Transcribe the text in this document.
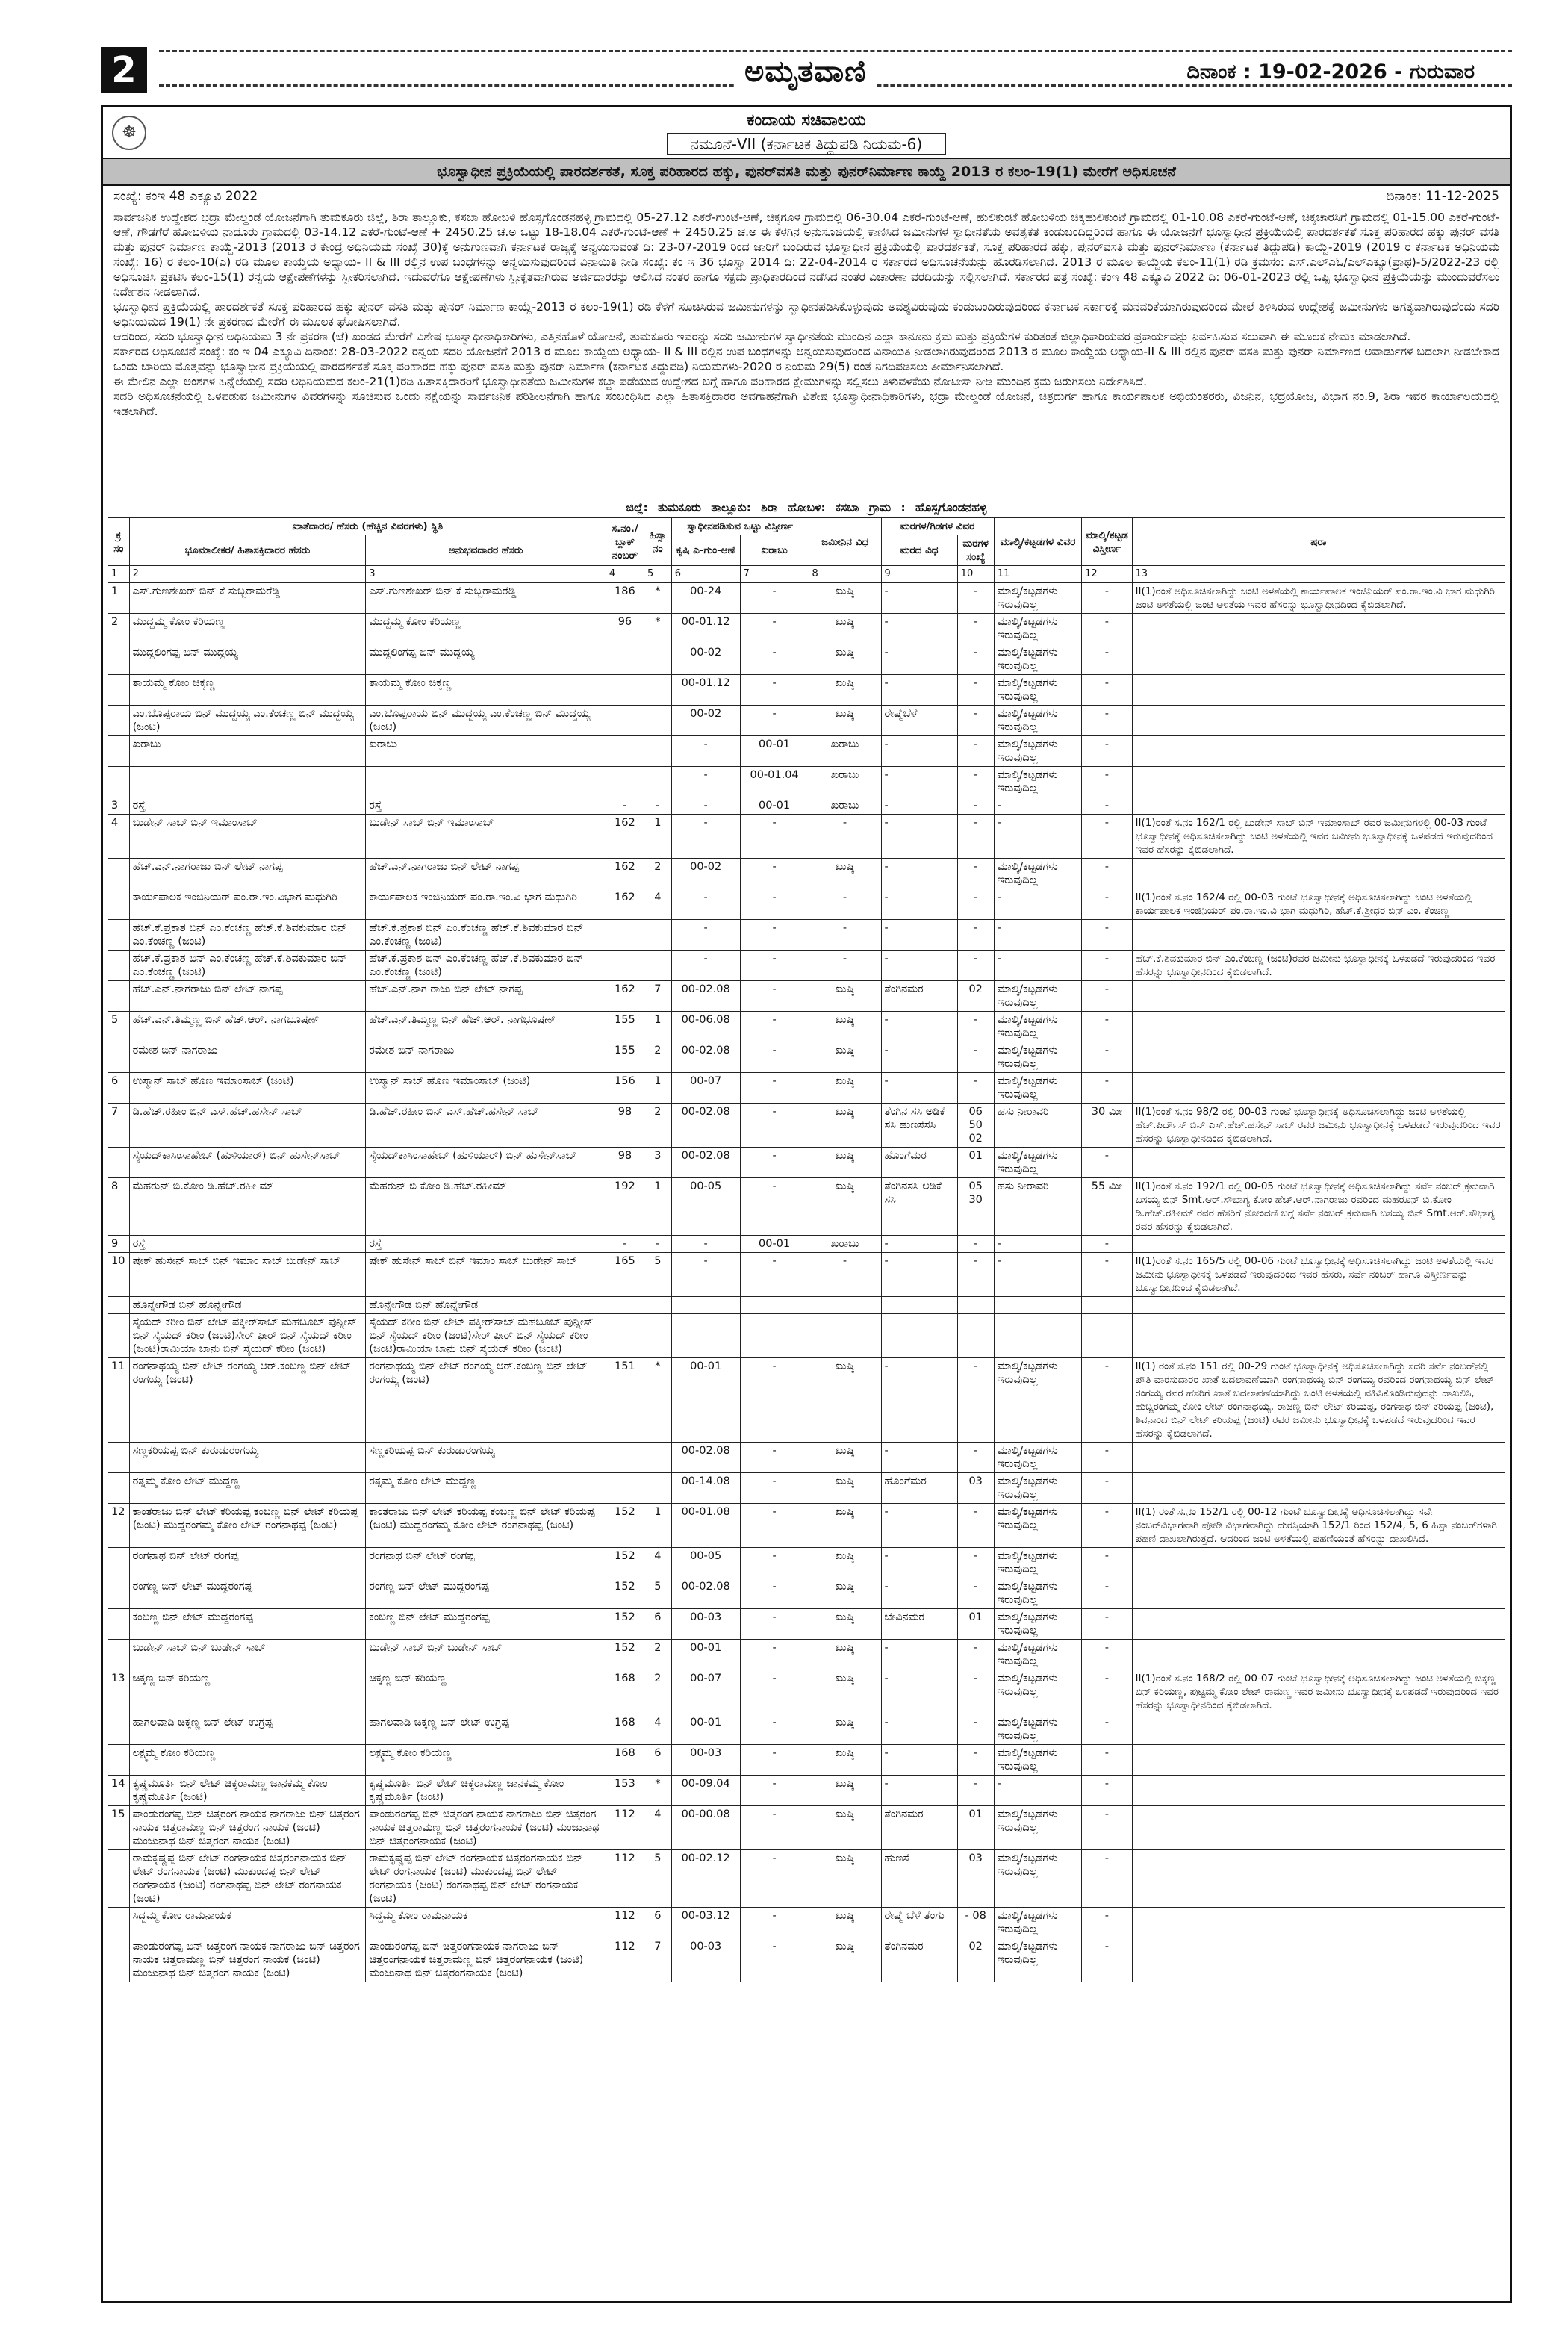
2	ಅಮೃತವಾಣಿ	ದಿನಾಂಕ : 19-02-2026 - ಗುರುವಾರ
☸
ಕಂದಾಯ ಸಚಿವಾಲಯ
ನಮೂನೆ-VII (ಕರ್ನಾಟಕ ತಿದ್ದುಪಡಿ ನಿಯಮ-6)
ಭೂಸ್ವಾಧೀನ ಪ್ರಕ್ರಿಯೆಯಲ್ಲಿ ಪಾರದರ್ಶಕತೆ, ಸೂಕ್ತ ಪರಿಹಾರದ ಹಕ್ಕು, ಪುನರ್‌ವಸತಿ ಮತ್ತು ಪುನರ್‌ನಿರ್ಮಾಣ ಕಾಯ್ದೆ 2013 ರ ಕಲಂ-19(1) ಮೇರೆಗೆ ಅಧಿಸೂಚನೆ
ಸಂಖ್ಯೆ: ಕಂಇ 48 ಎಕ್ಯೂವಿ 2022	ದಿನಾಂಕ: 11-12-2025

ಸಾರ್ವಜನಿಕ ಉದ್ದೇಶದ ಭದ್ರಾ ಮೇಲ್ದಂಡೆ ಯೋಜನೆಗಾಗಿ ತುಮಕೂರು ಜಿಲ್ಲೆ, ಶಿರಾ ತಾಲ್ಲೂಕು, ಕಸಬಾ ಹೋಬಳಿ ಹೊಸ್ಸಗೊಂಡನಹಳ್ಳಿ ಗ್ರಾಮದಲ್ಲಿ 05-27.12 ಎಕರೆ-ಗುಂಟೆ-ಆಣೆ, ಚಿಕ್ಕಗೂಳ ಗ್ರಾಮದಲ್ಲಿ 06-30.04 ಎಕರೆ-ಗುಂಟೆ-ಆಣೆ, ಹುಲಿಕುಂಟೆ ಹೋಬಳಿಯ ಚಿಕ್ಕಹುಲಿಕುಂಟೆ ಗ್ರಾಮದಲ್ಲಿ 01-10.08 ಎಕರೆ-ಗುಂಟೆ-ಆಣೆ, ಚಿಕ್ಕಚಾರಸಿಗೆ ಗ್ರಾಮದಲ್ಲಿ 01-15.00 ಎಕರೆ-ಗುಂಟೆ-ಆಣೆ, ಗೌಡಗೆರೆ ಹೋಬಳಿಯ ನಾದೂರು ಗ್ರಾಮದಲ್ಲಿ 03-14.12 ಎಕರೆ-ಗುಂಟೆ-ಆಣೆ + 2450.25 ಚ.ಅ ಒಟ್ಟು 18-18.04 ಎಕರೆ-ಗುಂಟೆ-ಆಣೆ + 2450.25 ಚ.ಅ ಈ ಕೆಳಗಿನ ಅನುಸೂಚಿಯಲ್ಲಿ ಕಾಣಿಸಿದ ಜಮೀನುಗಳ ಸ್ವಾಧೀನತೆಯ ಅವಶ್ಯಕತೆ ಕಂಡುಬಂದಿದ್ದರಿಂದ ಹಾಗೂ ಈ ಯೋಜನೆಗೆ ಭೂಸ್ವಾಧೀನ ಪ್ರಕ್ರಿಯೆಯಲ್ಲಿ ಪಾರದರ್ಶಕತೆ ಸೂಕ್ತ ಪರಿಹಾರದ ಹಕ್ಕು ಪುನರ್ ವಸತಿ ಮತ್ತು ಪುನರ್ ನಿರ್ಮಾಣ ಕಾಯ್ದೆ-2013 (2013 ರ ಕೇಂದ್ರ ಅಧಿನಿಯಮ ಸಂಖ್ಯೆ 30)ಕ್ಕೆ ಅನುಗುಣವಾಗಿ ಕರ್ನಾಟಕ ರಾಜ್ಯಕ್ಕೆ ಅನ್ವಯಿಸುವಂತೆ ದಿ: 23-07-2019 ರಿಂದ ಜಾರಿಗೆ ಬಂದಿರುವ ಭೂಸ್ವಾಧೀನ ಪ್ರಕ್ರಿಯೆಯಲ್ಲಿ ಪಾರದರ್ಶಕತೆ, ಸೂಕ್ತ ಪರಿಹಾರದ ಹಕ್ಕು, ಪುನರ್‌ವಸತಿ ಮತ್ತು ಪುನರ್‌ನಿರ್ಮಾಣ (ಕರ್ನಾಟಕ ತಿದ್ದುಪಡಿ) ಕಾಯ್ದೆ-2019 (2019 ರ ಕರ್ನಾಟಕ ಅಧಿನಿಯಮ ಸಂಖ್ಯೆ: 16) ರ ಕಲಂ-10(ಎ) ರಡಿ ಮೂಲ ಕಾಯ್ದೆಯ ಅಧ್ಯಾಯ- II & III ರಲ್ಲಿನ ಉಪ ಬಂಧಗಳನ್ನು ಅನ್ವಯಿಸುವುದರಿಂದ ವಿನಾಯಿತಿ ನೀಡಿ ಸಂಖ್ಯೆ: ಕಂ ಇ 36 ಭೂಸ್ವಾ 2014 ದಿ: 22-04-2014 ರ ಸರ್ಕಾರದ ಅಧಿಸೂಚನೆಯನ್ನು ಹೊರಡಿಸಲಾಗಿದೆ. 2013 ರ ಮೂಲ ಕಾಯ್ದೆಯ ಕಲಂ-11(1) ರಡಿ ಕ್ರಮಸಂ: ಎಸ್.ಎಲ್ಎಓ/ಎಲ್ಎಕ್ಯೂ(ಪ್ರಾಥ)-5/2022-23 ರಲ್ಲಿ ಅಧಿಸೂಚಿಸಿ ಪ್ರಕಟಿಸಿ ಕಲಂ-15(1) ರನ್ವಯ ಆಕ್ಷೇಪಣೆಗಳನ್ನು ಸ್ವೀಕರಿಸಲಾಗಿದೆ. ಇದುವರೆಗೂ ಆಕ್ಷೇಪಣೆಗಳು ಸ್ವೀಕೃತವಾಗಿರುವ ಅರ್ಜಿದಾರರನ್ನು ಆಲಿಸಿದ ನಂತರ ಹಾಗೂ ಸಕ್ಷಮ ಪ್ರಾಧಿಕಾರದಿಂದ ನಡೆಸಿದ ನಂತರ ವಿಚಾರಣಾ ವರದಿಯನ್ನು ಸಲ್ಲಿಸಲಾಗಿದೆ. ಸರ್ಕಾರದ ಪತ್ರ ಸಂಖ್ಯೆ: ಕಂಇ 48 ಎಕ್ಯೂವಿ 2022 ದಿ: 06-01-2023 ರಲ್ಲಿ ಒಪ್ಪಿ ಭೂಸ್ವಾಧೀನ ಪ್ರಕ್ರಿಯೆಯನ್ನು ಮುಂದುವರೆಸಲು ನಿರ್ದೇಶನ ನೀಡಲಾಗಿದೆ.

ಭೂಸ್ವಾಧೀನ ಪ್ರಕ್ರಿಯೆಯಲ್ಲಿ ಪಾರದರ್ಶಕತೆ ಸೂಕ್ತ ಪರಿಹಾರದ ಹಕ್ಕು ಪುನರ್ ವಸತಿ ಮತ್ತು ಪುನರ್ ನಿರ್ಮಾಣ ಕಾಯ್ದೆ-2013 ರ ಕಲಂ-19(1) ರಡಿ ಕೆಳಗೆ ಸೂಚಿಸಿರುವ ಜಮೀನುಗಳನ್ನು ಸ್ವಾಧೀನಪಡಿಸಿಕೊಳ್ಳುವುದು ಅವಶ್ಯವಿರುವುದು ಕಂಡುಬಂದಿರುವುದರಿಂದ ಕರ್ನಾಟಕ ಸರ್ಕಾರಕ್ಕೆ ಮನವರಿಕೆಯಾಗಿರುವುದರಿಂದ ಮೇಲೆ ತಿಳಿಸಿರುವ ಉದ್ದೇಶಕ್ಕೆ ಜಮೀನುಗಳು ಅಗತ್ಯವಾಗಿರುವುದೆಂದು ಸದರಿ ಅಧಿನಿಯಮದ 19(1) ನೇ ಪ್ರಕರಣದ ಮೇರೆಗೆ ಈ ಮೂಲಕ ಘೋಷಿಸಲಾಗಿದೆ.

ಆದರಿಂದ, ಸದರಿ ಭೂಸ್ವಾಧೀನ ಅಧಿನಿಯಮ 3 ನೇ ಪ್ರಕರಣ (ಜೆ) ಖಂಡದ ಮೇರೆಗೆ ವಿಶೇಷ ಭೂಸ್ವಾಧೀನಾಧಿಕಾರಿಗಳು, ಎತ್ತಿನಹೊಳೆ ಯೋಜನೆ, ತುಮಕೂರು ಇವರನ್ನು ಸದರಿ ಜಮೀನುಗಳ ಸ್ವಾಧೀನತೆಯ ಮುಂದಿನ ಎಲ್ಲಾ ಕಾನೂನು ಕ್ರಮ ಮತ್ತು ಪ್ರಕ್ರಿಯೆಗಳ ಕುರಿತಂತೆ ಜಿಲ್ಲಾಧಿಕಾರಿಯವರ ಪ್ರಕಾರ್ಯವನ್ನು ನಿರ್ವಹಿಸುವ ಸಲುವಾಗಿ ಈ ಮೂಲಕ ನೇಮಕ ಮಾಡಲಾಗಿದೆ.

ಸರ್ಕಾರದ ಅಧಿಸೂಚನೆ ಸಂಖ್ಯೆ: ಕಂ ಇ 04 ಎಕ್ಯೂವಿ ದಿನಾಂಕ: 28-03-2022 ರನ್ವಯ ಸದರಿ ಯೋಜನೆಗೆ 2013 ರ ಮೂಲ ಕಾಯ್ದೆಯ ಅಧ್ಯಾಯ- II & III ರಲ್ಲಿನ ಉಪ ಬಂಧಗಳನ್ನು ಅನ್ವಯಿಸುವುದರಿಂದ ವಿನಾಯಿತಿ ನೀಡಲಾಗಿರುವುದರಿಂದ 2013 ರ ಮೂಲ ಕಾಯ್ದೆಯ ಅಧ್ಯಾಯ-II & III ರಲ್ಲಿನ ಪುನರ್ ವಸತಿ ಮತ್ತು ಪುನರ್ ನಿರ್ಮಾಣದ ಅವಾರ್ಡುಗಳ ಬದಲಾಗಿ ನೀಡಬೇಕಾದ ಒಂದು ಬಾರಿಯ ಮೊತ್ತವನ್ನು ಭೂಸ್ವಾಧೀನ ಪ್ರಕ್ರಿಯೆಯಲ್ಲಿ ಪಾರದರ್ಶಕತೆ ಸೂಕ್ತ ಪರಿಹಾರದ ಹಕ್ಕು ಪುನರ್ ವಸತಿ ಮತ್ತು ಪುನರ್ ನಿರ್ಮಾಣ (ಕರ್ನಾಟಕ ತಿದ್ದುಪಡಿ) ನಿಯಮಗಳು-2020 ರ ನಿಯಮ 29(5) ರಂತೆ ನಿಗದಿಪಡಿಸಲು ತೀರ್ಮಾನಿಸಲಾಗಿದೆ.

ಈ ಮೇಲಿನ ಎಲ್ಲಾ ಅಂಶಗಳ ಹಿನ್ನೆಲೆಯಲ್ಲಿ ಸದರಿ ಅಧಿನಿಯಮದ ಕಲಂ-21(1)ರಡಿ ಹಿತಾಸಕ್ತಿದಾರರಿಗೆ ಭೂಸ್ವಾಧೀನತೆಯ ಜಮೀನುಗಳ ಕಬ್ಜಾ ಪಡೆಯುವ ಉದ್ದೇಶದ ಬಗ್ಗೆ ಹಾಗೂ ಪರಿಹಾರದ ಕ್ಲೇಮುಗಳನ್ನು ಸಲ್ಲಿಸಲು ತಿಳುವಳಿಕೆಯ ನೋಟೀಸ್ ನೀಡಿ ಮುಂದಿನ ಕ್ರಮ ಜರುಗಿಸಲು ನಿರ್ದೇಶಿಸಿದೆ.

ಸದರಿ ಅಧಿಸೂಚನೆಯಲ್ಲಿ ಒಳಪಡುವ ಜಮೀನುಗಳ ವಿವರಗಳನ್ನು ಸೂಚಿಸುವ ಒಂದು ನಕ್ಷೆಯನ್ನು ಸಾರ್ವಜನಿಕ ಪರಿಶೀಲನೆಗಾಗಿ ಹಾಗೂ ಸಂಬಂಧಿಸಿದ ಎಲ್ಲಾ ಹಿತಾಸಕ್ತಿದಾರರ ಅವಗಾಹನೆಗಾಗಿ ವಿಶೇಷ ಭೂಸ್ವಾಧೀನಾಧಿಕಾರಿಗಳು, ಭದ್ರಾ ಮೇಲ್ದಂಡೆ ಯೋಜನೆ, ಚಿತ್ರದುರ್ಗ ಹಾಗೂ ಕಾರ್ಯಪಾಲಕ ಅಭಿಯಂತರರು, ವಿಜನಿನ, ಭದ್ರಯೋಜ, ವಿಭಾಗ ನಂ.9, ಶಿರಾ ಇವರ ಕಾರ್ಯಾಲಯದಲ್ಲಿ ಇಡಲಾಗಿದೆ.

ಜಿಲ್ಲೆ: ತುಮಕೂರು ತಾಲ್ಲೂಕು: ಶಿರಾ ಹೋಬಳಿ: ಕಸಬಾ ಗ್ರಾಮ : ಹೊಸ್ಸಗೊಂಡನಹಳ್ಳಿ
ಕ್ರ ಸಂ	ಖಾತೆದಾರರ/ ಹೆಸರು (ಹೆಚ್ಚಿನ ವಿವರಗಳು) ಸ್ಥಿತಿ		ಸ.ನಂ./ ಬ್ಲಾಕ್ ನಂಬರ್	ಹಿಸ್ಸಾ ನಂ	ಸ್ವಾಧೀನಪಡಿಸುವ ಒಟ್ಟು ವಿಸ್ತೀರ್ಣ		ಜಮೀನಿನ ವಿಧ	ಮರಗಳ/ಗಿಡಗಳ ವಿವರ		ಮಾಲ್ಕಿ/ಕಟ್ಟಡಗಳ ವಿವರ	ಮಾಲ್ಕಿ/ಕಟ್ಟಡ ವಿಸ್ತೀರ್ಣ	ಷರಾ
	ಭೂಮಾಲೀಕರ/ ಹಿತಾಸಕ್ತಿದಾರರ ಹೆಸರು	ಅನುಭವದಾರರ ಹೆಸರು			ಕೃಷಿ ಎ-ಗುಂ-ಆಣೆ	ಖರಾಬು		ಮರದ ವಿಧ	ಮರಗಳ ಸಂಖ್ಯೆ			
1	2	3	4	5	6	7	8	9	10	11	12	13
1	ಎಸ್.ಗುಣಶೇಖರ್ ಬಿನ್ ಕೆ ಸುಬ್ಬರಾಮರೆಡ್ಡಿ	ಎಸ್.ಗುಣಶೇಖರ್ ಬಿನ್ ಕೆ ಸುಬ್ಬರಾಮರೆಡ್ಡಿ	186	*	00-24	-	ಖುಷ್ಕಿ	-	-	ಮಾಲ್ಕಿ/ಕಟ್ಟಡಗಳು ಇರುವುದಿಲ್ಲ	-	II(1)ರಂತೆ ಅಧಿಸೂಚಿಸಲಾಗಿದ್ದು ಜಂಟಿ ಅಳತೆಯಲ್ಲಿ ಕಾರ್ಯಪಾಲಕ ಇಂಜಿನಿಯರ್ ಪಂ.ರಾ.ಇಂ.ವಿ ಭಾಗ ಮಧುಗಿರಿ ಜಂಟಿ ಅಳತೆಯಲ್ಲಿ ಜಂಟಿ ಅಳತೆಯ ಇವರ ಹೆಸರನ್ನು ಭೂಸ್ವಾಧೀನದಿಂದ ಕೈಬಿಡಲಾಗಿದೆ.
2	ಮುದ್ದಮ್ಮ ಕೋಂ ಕರಿಯಣ್ಣ	ಮುದ್ದಮ್ಮ ಕೋಂ ಕರಿಯಣ್ಣ	96	*	00-01.12	-	ಖುಷ್ಕಿ	-	-	ಮಾಲ್ಕಿ/ಕಟ್ಟಡಗಳು ಇರುವುದಿಲ್ಲ	-	
	ಮುದ್ದಲಿಂಗಪ್ಪ ಬಿನ್ ಮುದ್ದಯ್ಯ	ಮುದ್ದಲಿಂಗಪ್ಪ ಬಿನ್ ಮುದ್ದಯ್ಯ			00-02	-	ಖುಷ್ಕಿ	-	-	ಮಾಲ್ಕಿ/ಕಟ್ಟಡಗಳು ಇರುವುದಿಲ್ಲ	-	
	ತಾಯಮ್ಮ ಕೋಂ ಚಿಕ್ಕಣ್ಣ	ತಾಯಮ್ಮ ಕೋಂ ಚಿಕ್ಕಣ್ಣ			00-01.12	-	ಖುಷ್ಕಿ	-	-	ಮಾಲ್ಕಿ/ಕಟ್ಟಡಗಳು ಇರುವುದಿಲ್ಲ	-	
	ಎಂ.ಬೊಪ್ಪರಾಯ ಬಿನ್ ಮುದ್ದಯ್ಯ ಎಂ.ಕೆಂಚಣ್ಣ ಬಿನ್ ಮುದ್ದಯ್ಯ (ಜಂಟಿ)	ಎಂ.ಬೊಪ್ಪರಾಯ ಬಿನ್ ಮುದ್ದಯ್ಯ ಎಂ.ಕೆಂಚಣ್ಣ ಬಿನ್ ಮುದ್ದಯ್ಯ (ಜಂಟಿ)			00-02	-	ಖುಷ್ಕಿ	ರೇಷ್ಮೆಬೆಳೆ	-	ಮಾಲ್ಕಿ/ಕಟ್ಟಡಗಳು ಇರುವುದಿಲ್ಲ	-	
	ಖರಾಬು	ಖರಾಬು			-	00-01	ಖರಾಬು	-	-	ಮಾಲ್ಕಿ/ಕಟ್ಟಡಗಳು ಇರುವುದಿಲ್ಲ	-	
					-	00-01.04	ಖರಾಬು	-	-	ಮಾಲ್ಕಿ/ಕಟ್ಟಡಗಳು ಇರುವುದಿಲ್ಲ	-	
3	ರಸ್ತೆ	ರಸ್ತೆ	-	-	-	00-01	ಖರಾಬು	-	-	-	-	
4	ಬುಡೇನ್ ಸಾಬ್ ಬಿನ್ ಇಮಾಂಸಾಬ್	ಬುಡೇನ್ ಸಾಬ್ ಬಿನ್ ಇಮಾಂಸಾಬ್	162	1	-	-	-	-	-	-	-	II(1)ರಂತೆ ಸ.ನಂ 162/1 ರಲ್ಲಿ ಬುಡೇನ್ ಸಾಬ್ ಬಿನ್ ಇಮಾಂಸಾಬ್ ರವರ ಜಮೀನುಗಳಲ್ಲಿ 00-03 ಗುಂಟೆ ಭೂಸ್ವಾಧೀನಕ್ಕೆ ಅಧಿಸೂಚಿಸಲಾಗಿದ್ದು ಜಂಟಿ ಅಳತೆಯಲ್ಲಿ ಇವರ ಜಮೀನು ಭೂಸ್ವಾಧೀನಕ್ಕೆ ಒಳಪಡದೆ ಇರುವುದರಿಂದ ಇವರ ಹೆಸರನ್ನು ಕೈಬಿಡಲಾಗಿದೆ.
	ಹೆಚ್.ಎನ್.ನಾಗರಾಜು ಬಿನ್ ಲೇಟ್ ನಾಗಪ್ಪ	ಹೆಚ್.ಎನ್.ನಾಗರಾಜು ಬಿನ್ ಲೇಟ್ ನಾಗಪ್ಪ	162	2	00-02	-	ಖುಷ್ಕಿ	-	-	ಮಾಲ್ಕಿ/ಕಟ್ಟಡಗಳು ಇರುವುದಿಲ್ಲ	-	
	ಕಾರ್ಯಪಾಲಕ ಇಂಜಿನಿಯರ್ ಪಂ.ರಾ.ಇಂ.ವಿಭಾಗ ಮಧುಗಿರಿ	ಕಾರ್ಯಪಾಲಕ ಇಂಜಿನಿಯರ್ ಪಂ.ರಾ.ಇಂ.ವಿ ಭಾಗ ಮಧುಗಿರಿ	162	4	-	-	-	-	-	-	-	II(1)ರಂತೆ ಸ.ನಂ 162/4 ರಲ್ಲಿ 00-03 ಗುಂಟೆ ಭೂಸ್ವಾಧೀನಕ್ಕೆ ಅಧಿಸೂಚಿಸಲಾಗಿದ್ದು ಜಂಟಿ ಅಳತೆಯಲ್ಲಿ ಕಾರ್ಯಪಾಲಕ ಇಂಜಿನಿಯರ್ ಪಂ.ರಾ.ಇಂ.ವಿ ಭಾಗ ಮಧುಗಿರಿ, ಹೆಚ್.ಕೆ.ಶ್ರೀಧರ ಬಿನ್ ಎಂ. ಕೆಂಚಣ್ಣ
	ಹೆಚ್.ಕೆ.ಪ್ರಕಾಶ ಬಿನ್ ಎಂ.ಕೆಂಚಣ್ಣ ಹೆಚ್.ಕೆ.ಶಿವಕುಮಾರ ಬಿನ್ ಎಂ.ಕೆಂಚಣ್ಣ (ಜಂಟಿ)	ಹೆಚ್.ಕೆ.ಪ್ರಕಾಶ ಬಿನ್ ಎಂ.ಕೆಂಚಣ್ಣ ಹೆಚ್.ಕೆ.ಶಿವಕುಮಾರ ಬಿನ್ ಎಂ.ಕೆಂಚಣ್ಣ (ಜಂಟಿ)			-	-	-	-	-	-	-	
	ಹೆಚ್.ಕೆ.ಪ್ರಕಾಶ ಬಿನ್ ಎಂ.ಕೆಂಚಣ್ಣ ಹೆಚ್.ಕೆ.ಶಿವಕುಮಾರ ಬಿನ್ ಎಂ.ಕೆಂಚಣ್ಣ (ಜಂಟಿ)	ಹೆಚ್.ಕೆ.ಪ್ರಕಾಶ ಬಿನ್ ಎಂ.ಕೆಂಚಣ್ಣ ಹೆಚ್.ಕೆ.ಶಿವಕುಮಾರ ಬಿನ್ ಎಂ.ಕೆಂಚಣ್ಣ (ಜಂಟಿ)			-	-	-	-	-	-	-	ಹೆಚ್.ಕೆ.ಶಿವಕುಮಾರ ಬಿನ್ ಎಂ.ಕೆಂಚಣ್ಣ (ಜಂಟಿ)ರವರ ಜಮೀನು ಭೂಸ್ವಾಧೀನಕ್ಕೆ ಒಳಪಡದೆ ಇರುವುದರಿಂದ ಇವರ ಹೆಸರನ್ನು ಭೂಸ್ವಾಧೀನದಿಂದ ಕೈಬಿಡಲಾಗಿದೆ.
	ಹೆಚ್.ಎನ್.ನಾಗರಾಜು ಬಿನ್ ಲೇಟ್ ನಾಗಪ್ಪ	ಹೆಚ್.ಎನ್.ನಾಗ ರಾಜು ಬಿನ್ ಲೇಟ್ ನಾಗಪ್ಪ	162	7	00-02.08	-	ಖುಷ್ಕಿ	ತೆಂಗಿನಮರ	02	ಮಾಲ್ಕಿ/ಕಟ್ಟಡಗಳು ಇರುವುದಿಲ್ಲ	-	
5	ಹೆಚ್.ಎನ್.ತಿಮ್ಮಣ್ಣ ಬಿನ್ ಹೆಚ್.ಆರ್. ನಾಗಭೂಷಣ್	ಹೆಚ್.ಎನ್.ತಿಮ್ಮಣ್ಣ ಬಿನ್ ಹೆಚ್.ಆರ್. ನಾಗಭೂಷಣ್	155	1	00-06.08	-	ಖುಷ್ಕಿ	-	-	ಮಾಲ್ಕಿ/ಕಟ್ಟಡಗಳು ಇರುವುದಿಲ್ಲ	-	
	ರಮೇಶ ಬಿನ್ ನಾಗರಾಜು	ರಮೇಶ ಬಿನ್ ನಾಗರಾಜು	155	2	00-02.08	-	ಖುಷ್ಕಿ	-	-	ಮಾಲ್ಕಿ/ಕಟ್ಟಡಗಳು ಇರುವುದಿಲ್ಲ	-	
6	ಉಸ್ಮಾನ್ ಸಾಬ್ ಹೊಣ ಇಮಾಂಸಾಬ್ (ಜಂಟಿ)	ಉಸ್ಮಾನ್ ಸಾಬ್ ಹೊಣ ಇಮಾಂಸಾಬ್ (ಜಂಟಿ)	156	1	00-07	-	ಖುಷ್ಕಿ	-	-	ಮಾಲ್ಕಿ/ಕಟ್ಟಡಗಳು ಇರುವುದಿಲ್ಲ	-	
7	ಡಿ.ಹೆಚ್.ರಹೀಂ ಬಿನ್ ಎಸ್.ಹೆಚ್.ಹಸೇನ್ ಸಾಬ್	ಡಿ.ಹೆಚ್.ರಹೀಂ ಬಿನ್ ಎಸ್.ಹೆಚ್.ಹಸೇನ್ ಸಾಬ್	98	2	00-02.08	-	ಖುಷ್ಕಿ	ತೆಂಗಿನ ಸಸಿ ಅಡಿಕೆ ಸಸಿ ಹುಣಸೆಸಸಿ	06 50 02	ಹಸು ನೀರಾವರಿ	30 ಮೀ	II(1)ರಂತೆ ಸ.ನಂ 98/2 ರಲ್ಲಿ 00-03 ಗುಂಟೆ ಭೂಸ್ವಾಧೀನಕ್ಕೆ ಅಧಿಸೂಚಿಸಲಾಗಿದ್ದು ಜಂಟಿ ಅಳತೆಯಲ್ಲಿ ಹೆಚ್.ಪಿರ್ದೌಸ್ ಬಿನ್ ಎಸ್.ಹೆಚ್.ಹಸೇನ್ ಸಾಬ್ ರವರ ಜಮೀನು ಭೂಸ್ವಾಧೀನಕ್ಕೆ ಒಳಪಡದೆ ಇರುವುದರಿಂದ ಇವರ ಹೆಸರನ್ನು ಭೂಸ್ವಾಧೀನದಿಂದ ಕೈಬಿಡಲಾಗಿದೆ.
	ಸೈಯದ್‌ಕಾಸಿಂಸಾಹೇಬ್ (ಹುಳಿಯಾರ್) ಬಿನ್ ಹುಸೇನ್‌ಸಾಬ್	ಸೈಯದ್‌ಕಾಸಿಂಸಾಹೇಬ್ (ಹುಳಿಯಾರ್) ಬಿನ್ ಹುಸೇನ್‌ಸಾಬ್	98	3	00-02.08	-	ಖುಷ್ಕಿ	ಹೊಂಗೆಮರ	01	ಮಾಲ್ಕಿ/ಕಟ್ಟಡಗಳು ಇರುವುದಿಲ್ಲ	-	
8	ಮೆಹರುನ್ ಬಿ.ಕೋಂ ಡಿ.ಹೆಚ್.ರಹೀ ಮ್	ಮೆಹರುನ್ ಬಿ ಕೋಂ ಡಿ.ಹೆಚ್.ರಹೀಮ್	192	1	00-05	-	ಖುಷ್ಕಿ	ತೆಂಗಿನಸಸಿ ಅಡಿಕೆ ಸಸಿ	05 30	ಹಸು ನೀರಾವರಿ	55 ಮೀ	II(1)ರಂತೆ ಸ.ನಂ 192/1 ರಲ್ಲಿ 00-05 ಗುಂಟೆ ಭೂಸ್ವಾಧೀನಕ್ಕೆ ಅಧಿಸೂಚಿಸಲಾಗಿದ್ದು ಸರ್ವೆ ನಂಬರ್ ಕ್ರಮವಾಗಿ ಬಸಯ್ಯ ಬಿನ್ Smt.ಆರ್.ಸೌಭಾಗ್ಯ ಕೋಂ ಹೆಚ್.ಆರ್.ನಾಗರಾಜು ರವರಿಂದ ಮಹರೂನ್ ಬಿ.ಕೋಂ ಡಿ.ಹೆಚ್.ರಹೀಮ್ ರವರ ಹೆಸರಿಗೆ ನೋಂದಣಿ ಬಗ್ಗೆ ಸರ್ವೆ ನಂಬರ್ ಕ್ರಮವಾಗಿ ಬಸಯ್ಯ ಬಿನ್ Smt.ಆರ್.ಸೌಭಾಗ್ಯ ರವರ ಹೆಸರನ್ನು ಕೈಬಿಡಲಾಗಿದೆ.
9	ರಸ್ತೆ	ರಸ್ತೆ	-	-	-	00-01	ಖರಾಬು	-	-	-	-	
10	ಷೇಕ್ ಹುಸೇನ್ ಸಾಬ್ ಬಿನ್ ಇಮಾಂ ಸಾಬ್ ಬುಡೇನ್ ಸಾಬ್	ಷೇಕ್ ಹುಸೇನ್ ಸಾಬ್ ಬಿನ್ ಇಮಾಂ ಸಾಬ್ ಬುಡೇನ್ ಸಾಬ್	165	5	-	-	-	-	-	-	-	II(1)ರಂತೆ ಸ.ನಂ 165/5 ರಲ್ಲಿ 00-06 ಗುಂಟೆ ಭೂಸ್ವಾಧೀನಕ್ಕೆ ಅಧಿಸೂಚಿಸಲಾಗಿದ್ದು ಜಂಟಿ ಅಳತೆಯಲ್ಲಿ ಇವರ ಜಮೀನು ಭೂಸ್ವಾಧೀನಕ್ಕೆ ಒಳಪಡದೆ ಇರುವುದರಿಂದ ಇವರ ಹೆಸರು, ಸರ್ವೆ ನಂಬರ್ ಹಾಗೂ ವಿಸ್ತೀರ್ಣವನ್ನು ಭೂಸ್ವಾಧೀನದಿಂದ ಕೈಬಿಡಲಾಗಿದೆ.
	ಹೊನ್ನೇಗೌಡ ಬಿನ್ ಹೊನ್ನೇಗೌಡ	ಹೊನ್ನೇಗೌಡ ಬಿನ್ ಹೊನ್ನೇಗೌಡ										
	ಸೈಯದ್ ಕರೀಂ ಬಿನ್ ಲೇಟ್ ಪಕ್ಕೀರ್‌ಸಾಬ್ ಮಹಬೂಬ್ ಪುನ್ನೀಸ್ ಬಿನ್ ಸೈಯದ್ ಕರೀಂ (ಜಂಟಿ)ಸೇರ್ ಫೀರ್ ಬಿನ್ ಸೈಯದ್ ಕರೀಂ (ಜಂಟಿ)ರಾಮಿಯಾ ಬಾನು ಬಿನ್ ಸೈಯದ್ ಕರೀಂ (ಜಂಟಿ)	ಸೈಯದ್ ಕರೀಂ ಬಿನ್ ಲೇಟ್ ಪಕ್ಕೀರ್‌ಸಾಬ್ ಮಹಬೂಬ್ ಪುನ್ನೀಸ್ ಬಿನ್ ಸೈಯದ್ ಕರೀಂ (ಜಂಟಿ)ಸೇರ್ ಫೀರ್ ಬಿನ್ ಸೈಯದ್ ಕರೀಂ (ಜಂಟಿ)ರಾಮಿಯಾ ಬಾನು ಬಿನ್ ಸೈಯದ್ ಕರೀಂ (ಜಂಟಿ)										
11	ರಂಗನಾಥಯ್ಯ ಬಿನ್ ಲೇಟ್ ರಂಗಯ್ಯ ಆರ್.ಕಂಬಣ್ಣ ಬಿನ್ ಲೇಟ್ ರಂಗಯ್ಯ (ಜಂಟಿ)	ರಂಗನಾಥಯ್ಯ ಬಿನ್ ಲೇಟ್ ರಂಗಯ್ಯ ಆರ್.ಕಂಬಣ್ಣ ಬಿನ್ ಲೇಟ್ ರಂಗಯ್ಯ (ಜಂಟಿ)	151	*	00-01	-	ಖುಷ್ಕಿ	-	-	ಮಾಲ್ಕಿ/ಕಟ್ಟಡಗಳು ಇರುವುದಿಲ್ಲ	-	II(1) ರಂತೆ ಸ.ನಂ 151 ರಲ್ಲಿ 00-29 ಗುಂಟೆ ಭೂಸ್ವಾಧೀನಕ್ಕೆ ಅಧಿಸೂಚಿಸಲಾಗಿದ್ದು ಸದರಿ ಸರ್ವೆ ನಂಬರ್‌ನಲ್ಲಿ ಪೌತಿ ವಾರಸುದಾರರ ಖಾತೆ ಬದಲಾವಣೆಯಾಗಿ ರಂಗನಾಥಯ್ಯ ಬಿನ್ ರಂಗಯ್ಯ ರವರಿಂದ ರಂಗನಾಥಯ್ಯ ಬಿನ್ ಲೇಟ್ ರಂಗಯ್ಯ ರವರ ಹೆಸರಿಗೆ ಖಾತೆ ಬದಲಾವಣೆಯಾಗಿದ್ದು ಜಂಟಿ ಅಳತೆಯಲ್ಲಿ ವಹಿಸಿಕೊಂಡಿರುವುದನ್ನು ದಾಖಲಿಸಿ, ಹುಚ್ಚಿರಂಗಮ್ಮ ಕೋಂ ಲೇಟ್ ರಂಗನಾಥಯ್ಯ, ರಾಜಣ್ಣ ಬಿನ್ ಲೇಟ್ ಕರಿಯಪ್ಪ, ರಂಗನಾಥ ಬಿನ್ ಕರಿಯಪ್ಪ (ಜಂಟಿ), ಶಿವನಾಂದ ಬಿನ್ ಲೇಟ್ ಕರಿಯಪ್ಪ (ಜಂಟಿ) ರವರ ಜಮೀನು ಭೂಸ್ವಾಧೀನಕ್ಕೆ ಒಳಪಡದೆ ಇರುವುದರಿಂದ ಇವರ ಹೆಸರನ್ನು ಕೈಬಿಡಲಾಗಿದೆ.
	ಸಣ್ಣಕರಿಯಪ್ಪ ಬಿನ್ ಕುರುಡುರಂಗಯ್ಯ	ಸಣ್ಣಕರಿಯಪ್ಪ ಬಿನ್ ಕುರುಡುರಂಗಯ್ಯ			00-02.08	-	ಖುಷ್ಕಿ	-	-	ಮಾಲ್ಕಿ/ಕಟ್ಟಡಗಳು ಇರುವುದಿಲ್ಲ	-	
	ರತ್ನಮ್ಮ ಕೋಂ ಲೇಟ್ ಮುದ್ದಣ್ಣ	ರತ್ನಮ್ಮ ಕೋಂ ಲೇಟ್ ಮುದ್ದಣ್ಣ			00-14.08	-	ಖುಷ್ಕಿ	ಹೊಂಗೆಮರ	03	ಮಾಲ್ಕಿ/ಕಟ್ಟಡಗಳು ಇರುವುದಿಲ್ಲ	-	
12	ಕಾಂತರಾಜು ಬಿನ್ ಲೇಟ್ ಕರಿಯಪ್ಪ ಕಂಬಣ್ಣ ಬಿನ್ ಲೇಟ್ ಕರಿಯಪ್ಪ (ಜಂಟಿ) ಮುದ್ದರಂಗಮ್ಮ ಕೋಂ ಲೇಟ್ ರಂಗನಾಥಪ್ಪ (ಜಂಟಿ)	ಕಾಂತರಾಜು ಬಿನ್ ಲೇಟ್ ಕರಿಯಪ್ಪ ಕಂಬಣ್ಣ ಬಿನ್ ಲೇಟ್ ಕರಿಯಪ್ಪ (ಜಂಟಿ) ಮುದ್ದರಂಗಮ್ಮ ಕೋಂ ಲೇಟ್ ರಂಗನಾಥಪ್ಪ (ಜಂಟಿ)	152	1	00-01.08	-	ಖುಷ್ಕಿ	-	-	ಮಾಲ್ಕಿ/ಕಟ್ಟಡಗಳು ಇರುವುದಿಲ್ಲ	-	II(1) ರಂತೆ ಸ.ನಂ 152/1 ರಲ್ಲಿ 00-12 ಗುಂಟೆ ಭೂಸ್ವಾಧೀನಕ್ಕೆ ಅಧಿಸೂಚಿಸಲಾಗಿದ್ದು ಸರ್ವೆ ನಂಬರ್‌ವಿಭಾಗವಾಗಿ ಪೋಡಿ ವಿಭಾಗವಾಗಿದ್ದು ದುರಸ್ತಿಯಾಗಿ 152/1 ರಿಂದ 152/4, 5, 6 ಹಿಸ್ಸಾ ನಂಬರ್‌ಗಳಾಗಿ ಪಹಣಿ ದಾಖಲಾಗಿರುತ್ತದೆ. ಆದರಿಂದ ಜಂಟಿ ಅಳತೆಯಲ್ಲಿ ಪಹಣಿಯಂತೆ ಹೆಸರನ್ನು ದಾಖಲಿಸಿದೆ.
	ರಂಗನಾಥ ಬಿನ್ ಲೇಟ್ ರಂಗಪ್ಪ	ರಂಗನಾಥ ಬಿನ್ ಲೇಟ್ ರಂಗಪ್ಪ	152	4	00-05	-	ಖುಷ್ಕಿ	-	-	ಮಾಲ್ಕಿ/ಕಟ್ಟಡಗಳು ಇರುವುದಿಲ್ಲ	-	
	ರಂಗಣ್ಣ ಬಿನ್ ಲೇಟ್ ಮುದ್ದರಂಗಪ್ಪ	ರಂಗಣ್ಣ ಬಿನ್ ಲೇಟ್ ಮುದ್ದರಂಗಪ್ಪ	152	5	00-02.08	-	ಖುಷ್ಕಿ	-	-	ಮಾಲ್ಕಿ/ಕಟ್ಟಡಗಳು ಇರುವುದಿಲ್ಲ	-	
	ಕಂಬಣ್ಣ ಬಿನ್ ಲೇಟ್ ಮುದ್ದರಂಗಪ್ಪ	ಕಂಬಣ್ಣ ಬಿನ್ ಲೇಟ್ ಮುದ್ದರಂಗಪ್ಪ	152	6	00-03	-	ಖುಷ್ಕಿ	ಬೇವಿನಮರ	01	ಮಾಲ್ಕಿ/ಕಟ್ಟಡಗಳು ಇರುವುದಿಲ್ಲ	-	
	ಬುಡೇನ್ ಸಾಬ್ ಬಿನ್ ಬುಡೇನ್ ಸಾಬ್	ಬುಡೇನ್ ಸಾಬ್ ಬಿನ್ ಬುಡೇನ್ ಸಾಬ್	152	2	00-01	-	ಖುಷ್ಕಿ	-	-	ಮಾಲ್ಕಿ/ಕಟ್ಟಡಗಳು ಇರುವುದಿಲ್ಲ	-	
13	ಚಿಕ್ಕಣ್ಣ ಬಿನ್ ಕರಿಯಣ್ಣ	ಚಿಕ್ಕಣ್ಣ ಬಿನ್ ಕರಿಯಣ್ಣ	168	2	00-07	-	ಖುಷ್ಕಿ	-	-	ಮಾಲ್ಕಿ/ಕಟ್ಟಡಗಳು ಇರುವುದಿಲ್ಲ	-	II(1)ರಂತೆ ಸ.ನಂ 168/2 ರಲ್ಲಿ 00-07 ಗುಂಟೆ ಭೂಸ್ವಾಧೀನಕ್ಕೆ ಅಧಿಸೂಚಿಸಲಾಗಿದ್ದು ಜಂಟಿ ಅಳತೆಯಲ್ಲಿ ಚಿಕ್ಕಣ್ಣ ಬಿನ್ ಕರಿಯಣ್ಣ, ಪುಟ್ಟಮ್ಮ ಕೋಂ ಲೇಟ್ ರಾಮಣ್ಣ ಇವರ ಜಮೀನು ಭೂಸ್ವಾಧೀನಕ್ಕೆ ಒಳಪಡದೆ ಇರುವುದರಿಂದ ಇವರ ಹೆಸರನ್ನು ಭೂಸ್ವಾಧೀನದಿಂದ ಕೈಬಿಡಲಾಗಿದೆ.
	ಹಾಗಲವಾಡಿ ಚಿಕ್ಕಣ್ಣ ಬಿನ್ ಲೇಟ್ ಉಗ್ರಪ್ಪ	ಹಾಗಲವಾಡಿ ಚಿಕ್ಕಣ್ಣ ಬಿನ್ ಲೇಟ್ ಉಗ್ರಪ್ಪ	168	4	00-01	-	ಖುಷ್ಕಿ	-	-	ಮಾಲ್ಕಿ/ಕಟ್ಟಡಗಳು ಇರುವುದಿಲ್ಲ	-	
	ಲಕ್ಷ್ಮಮ್ಮ ಕೋಂ ಕರಿಯಣ್ಣ	ಲಕ್ಷ್ಮಮ್ಮ ಕೋಂ ಕರಿಯಣ್ಣ	168	6	00-03	-	ಖುಷ್ಕಿ	-	-	ಮಾಲ್ಕಿ/ಕಟ್ಟಡಗಳು ಇರುವುದಿಲ್ಲ	-	
14	ಕೃಷ್ಣಮೂರ್ತಿ ಬಿನ್ ಲೇಟ್ ಚಿಕ್ಕರಾಮಣ್ಣ ಜಾನಕಮ್ಮ ಕೋಂ ಕೃಷ್ಣಮೂರ್ತಿ (ಜಂಟಿ)	ಕೃಷ್ಣಮೂರ್ತಿ ಬಿನ್ ಲೇಟ್ ಚಿಕ್ಕರಾಮಣ್ಣ ಜಾನಕಮ್ಮ ಕೋಂ ಕೃಷ್ಣಮೂರ್ತಿ (ಜಂಟಿ)	153	*	00-09.04	-	ಖುಷ್ಕಿ	-	-	-	-	
15	ಪಾಂಡುರಂಗಪ್ಪ ಬಿನ್ ಚಿತ್ತರಂಗ ನಾಯಕ ನಾಗರಾಜು ಬಿನ್ ಚಿತ್ತರಂಗ ನಾಯಕ ಚಿತ್ತರಾಮಣ್ಣ ಬಿನ್ ಚಿತ್ತರಂಗ ನಾಯಕ (ಜಂಟಿ) ಮಂಜುನಾಥ ಬಿನ್ ಚಿತ್ತರಂಗ ನಾಯಕ (ಜಂಟಿ)	ಪಾಂಡುರಂಗಪ್ಪ ಬಿನ್ ಚಿತ್ತರಂಗ ನಾಯಕ ನಾಗರಾಜು ಬಿನ್ ಚಿತ್ತರಂಗ ನಾಯಕ ಚಿತ್ತರಾಮಣ್ಣ ಬಿನ್ ಚಿತ್ತರಂಗನಾಯಕ (ಜಂಟಿ) ಮಂಜುನಾಥ ಬಿನ್ ಚಿತ್ತರಂಗನಾಯಕ (ಜಂಟಿ)	112	4	00-00.08	-	ಖುಷ್ಕಿ	ತೆಂಗಿನಮರ	01	ಮಾಲ್ಕಿ/ಕಟ್ಟಡಗಳು ಇರುವುದಿಲ್ಲ	-	
	ರಾಮಕೃಷ್ಣಪ್ಪ ಬಿನ್ ಲೇಟ್ ರಂಗನಾಯಕ ಚಿತ್ತರಂಗನಾಯಕ ಬಿನ್ ಲೇಟ್ ರಂಗನಾಯಕ (ಜಂಟಿ) ಮುಕುಂದಪ್ಪ ಬಿನ್ ಲೇಟ್ ರಂಗನಾಯಕ (ಜಂಟಿ) ರಂಗನಾಥಪ್ಪ ಬಿನ್ ಲೇಟ್ ರಂಗನಾಯಕ (ಜಂಟಿ)	ರಾಮಕೃಷ್ಣಪ್ಪ ಬಿನ್ ಲೇಟ್ ರಂಗನಾಯಕ ಚಿತ್ತರಂಗನಾಯಕ ಬಿನ್ ಲೇಟ್ ರಂಗನಾಯಕ (ಜಂಟಿ) ಮುಕುಂದಪ್ಪ ಬಿನ್ ಲೇಟ್ ರಂಗನಾಯಕ (ಜಂಟಿ) ರಂಗನಾಥಪ್ಪ ಬಿನ್ ಲೇಟ್ ರಂಗನಾಯಕ (ಜಂಟಿ)	112	5	00-02.12	-	ಖುಷ್ಕಿ	ಹುಣಸೆ	03	ಮಾಲ್ಕಿ/ಕಟ್ಟಡಗಳು ಇರುವುದಿಲ್ಲ	-	
	ಸಿದ್ದಮ್ಮ ಕೋಂ ರಾಮನಾಯಕ	ಸಿದ್ದಮ್ಮ ಕೋಂ ರಾಮನಾಯಕ	112	6	00-03.12	-	ಖುಷ್ಕಿ	ರೇಷ್ಮೆ ಬೆಳೆ ತೆಂಗು	- 08	ಮಾಲ್ಕಿ/ಕಟ್ಟಡಗಳು ಇರುವುದಿಲ್ಲ	-	
	ಪಾಂಡುರಂಗಪ್ಪ ಬಿನ್ ಚಿತ್ತರಂಗ ನಾಯಕ ನಾಗರಾಜು ಬಿನ್ ಚಿತ್ತರಂಗ ನಾಯಕ ಚಿತ್ತರಾಮಣ್ಣ ಬಿನ್ ಚಿತ್ತರಂಗ ನಾಯಕ (ಜಂಟಿ) ಮಂಜುನಾಥ ಬಿನ್ ಚಿತ್ತರಂಗ ನಾಯಕ (ಜಂಟಿ)	ಪಾಂಡುರಂಗಪ್ಪ ಬಿನ್ ಚಿತ್ತರಂಗನಾಯಕ ನಾಗರಾಜು ಬಿನ್ ಚಿತ್ತರಂಗನಾಯಕ ಚಿತ್ತರಾಮಣ್ಣ ಬಿನ್ ಚಿತ್ತರಂಗನಾಯಕ (ಜಂಟಿ) ಮಂಜುನಾಥ ಬಿನ್ ಚಿತ್ತರಂಗನಾಯಕ (ಜಂಟಿ)	112	7	00-03	-	ಖುಷ್ಕಿ	ತೆಂಗಿನಮರ	02	ಮಾಲ್ಕಿ/ಕಟ್ಟಡಗಳು ಇರುವುದಿಲ್ಲ	-	
